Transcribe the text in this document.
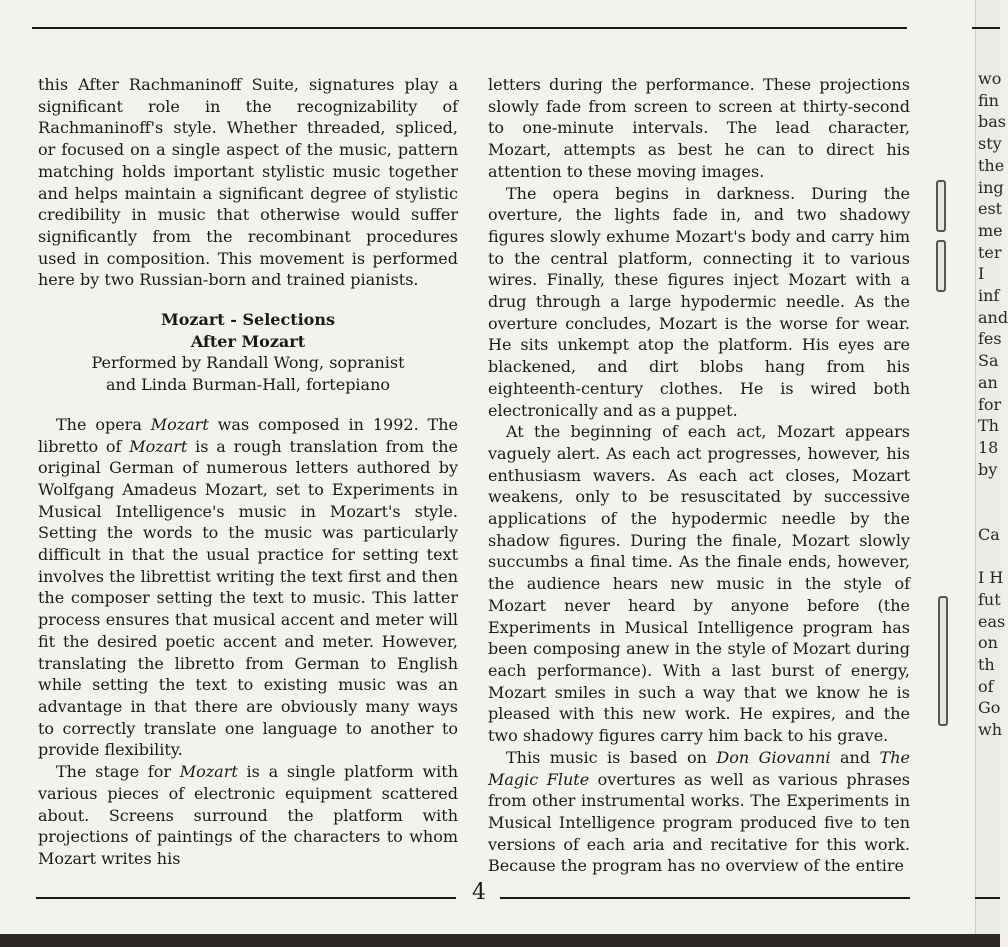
this After Rachmaninoff Suite, signatures play a significant role in the recognizability of Rachmaninoff's style. Whether threaded, spliced, or focused on a single aspect of the music, pattern matching holds important stylistic music together and helps maintain a significant degree of stylistic credibility in music that otherwise would suffer significantly from the recombinant procedures used in composition. This movement is performed here by two Russian-born and trained pianists.

Mozart - Selections
After Mozart
Performed by Randall Wong, sopranist
and Linda Burman-Hall, fortepiano

The opera Mozart was composed in 1992. The libretto of Mozart is a rough translation from the original German of numerous letters authored by Wolfgang Amadeus Mozart, set to Experiments in Musical Intelligence's music in Mozart's style. Setting the words to the music was particularly difficult in that the usual practice for setting text involves the librettist writing the text first and then the composer setting the text to music. This latter process ensures that musical accent and meter will fit the desired poetic accent and meter. However, translating the libretto from German to English while setting the text to existing music was an advantage in that there are obviously many ways to correctly translate one language to another to provide flexibility.

The stage for Mozart is a single platform with various pieces of electronic equipment scattered about. Screens surround the platform with projections of paintings of the characters to whom Mozart writes his

letters during the performance. These projections slowly fade from screen to screen at thirty-second to one-minute intervals. The lead character, Mozart, attempts as best he can to direct his attention to these moving images.

The opera begins in darkness. During the overture, the lights fade in, and two shadowy figures slowly exhume Mozart's body and carry him to the central platform, connecting it to various wires. Finally, these figures inject Mozart with a drug through a large hypodermic needle. As the overture concludes, Mozart is the worse for wear. He sits unkempt atop the platform. His eyes are blackened, and dirt blobs hang from his eighteenth-century clothes. He is wired both electronically and as a puppet.

At the beginning of each act, Mozart appears vaguely alert. As each act progresses, however, his enthusiasm wavers. As each act closes, Mozart weakens, only to be resuscitated by successive applications of the hypodermic needle by the shadow figures. During the finale, Mozart slowly succumbs a final time. As the finale ends, however, the audience hears new music in the style of Mozart never heard by anyone before (the Experiments in Musical Intelligence program has been composing anew in the style of Mozart during each performance). With a last burst of energy, Mozart smiles in such a way that we know he is pleased with this new work. He expires, and the two shadowy figures carry him back to his grave.

This music is based on Don Giovanni and The Magic Flute overtures as well as various phrases from other instrumental works. The Experiments in Musical Intelligence program produced five to ten versions of each aria and recitative for this work. Because the program has no overview of the entire

4
wo
fin
bas
sty
the
ing
est
me
ter
I
inf
and
fes
Sa
an
for
Th
18
by

Ca

I H
fut
eas
on
th
of
Go
wh
